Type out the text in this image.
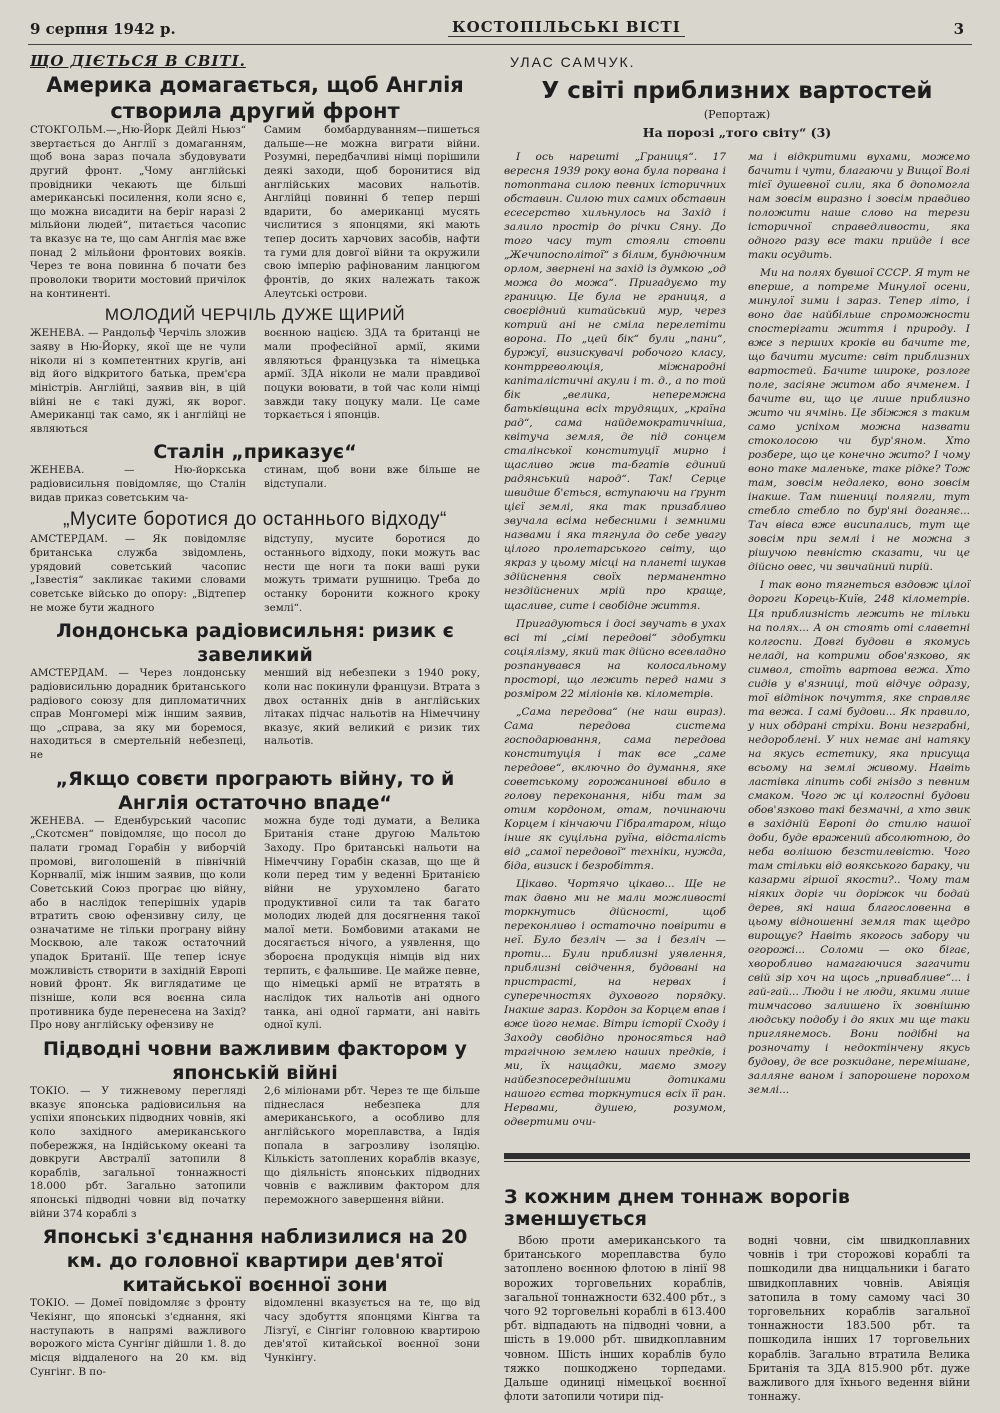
9 серпня 1942 р.	КОСТОПІЛЬСЬКІ ВІСТІ	3
ЩО ДІЄТЬСЯ В СВІТІ.
Америка домагається, щоб Англія створила другий фронт

СТОКГОЛЬМ.—„Ню-Йорк Дейлі Ньюз“ звертається до Англії з домаганням, щоб вона зараз почала збудовувати другий фронт. „Чому англійські провідники чекають ще більші американські посилення, коли ясно є, що можна висадити на беріг наразі 2 мільйони людей“, питається часопис та вказує на те, що сам Англія має вже понад 2 мільйони фронтових вояків. Через те вона повинна б почати без проволоки творити мостовий причілок на континенті.

Самим бомбардуванням—пишеться дальше—не можна виграти війни. Розумні, передбачливі німці порішили деякі заходи, щоб боронитися від англійських масових нальотів. Англійці повинні б тепер перші вдарити, бо американці мусять числитися з японцями, які мають тепер досить харчових засобів, нафти та гуми для довгої війни та окружили свою імперію рафінованим ланцюгом фронтів, до яких належать також Алеутські острови.

МОЛОДИЙ ЧЕРЧІЛЬ ДУЖЕ ЩИРИЙ

ЖЕНЕВА. — Рандольф Черчіль зложив заяву в Ню-Йорку, якої ще не чули ніколи ні з компетентних кругів, ані від його відкритого батька, прем'єра міністрів. Англійці, заявив він, в цій війні не є такі дужі, як ворог. Американці так само, як і англійці не являються

воєнною нацією. ЗДА та британці не мали професійної армії, якими являються французька та німецька армії. ЗДА ніколи не мали правдивої поцуки воювати, в той час коли німці завжди таку поцуку мали. Це саме торкається і японців.

Сталін „приказує“

ЖЕНЕВА. — Ню-йоркська радіовисильня повідомляє, що Сталін видав приказ советським ча-

стинам, щоб вони вже більше не відступали.

„Мусите боротися до останнього відходу“

АМСТЕРДАМ. — Як повідомляє британська служба звідомлень, урядовий советський часопис „Ізвестія“ закликає такими словами советське військо до опору: „Відтепер не може бути жадного

відступу, мусите боротися до останнього відходу, поки можуть вас нести ще ноги та поки ваші руки можуть тримати рушницю. Треба до останку боронити кожного кроку землі“.

Лондонська радіовисильня: ризик є завеликий

АМСТЕРДАМ. — Через лондонську радіовисильню дорадник британського радіового союзу для дипломатичних справ Монгомері між іншим заявив, що „справа, за яку ми боремося, находиться в смертельній небезпеці, не

менший від небезпеки з 1940 року, коли нас покинули французи. Втрата з двох останніх днів в англійських літаках підчас нальотів на Німеччину вказує, який великий є ризик тих нальотів.

„Якщо совєти програють війну, то й Англія остаточно впаде“

ЖЕНЕВА. — Еденбурський часопис „Скотсмен“ повідомляє, що посол до палати громад Горабін у виборчій промові, виголошеній в північній Корнвалії, між іншим заявив, що коли Советський Союз програє цю війну, або в наслідок теперішніх ударів втратить свою офензивну силу, це означатиме не тільки програну війну Москвою, але також остаточний упадок Британії. Ще тепер існує можливість створити в західній Европі новий фронт. Як виглядатиме це пізніше, коли вся воєнна сила противника буде перенесена на Захід? Про нову англійську офензиву не

можна буде тоді думати, а Велика Британія стане другою Мальтою Заходу. Про британські нальоти на Німеччину Горабін сказав, що ще й коли перед тим у веденні Британією війни не урухомлено багато продуктивної сили та так багато молодих людей для досягнення такої малої мети. Бомбовими атаками не досягається нічого, а уявлення, що збороєна продукція німців від них терпить, є фальшиве. Це майже певне, що німецькі армії не втратять в наслідок тих нальотів ані одного танка, ані одної гармати, ані навіть одної кулі.

Підводні човни важливим фактором у японській війні

ТОКІО. — У тижневому перегляді вказує японська радіовисильня на успіхи японських підводних човнів, які коло західного американського побережжя, на Індійському океані та довкруги Австралії затопили 8 кораблів, загальної тоннажності 18.000 рбт. Загально затопили японські підводні човни від початку війни 374 кораблі з

2,6 міліонами рбт. Через те ще більше піднеслася небезпека для американського, а особливо для англійського мореплавства, а Індія попала в загрозливу ізоляцію. Кількість затоплених кораблів вказує, що діяльність японських підводних човнів є важливим фактором для переможного завершення війни.

Японські з'єднання наблизилися на 20 км. до головної квартири дев'ятої китайської воєнної зони

ТОКІО. — Домеї повідомляє з фронту Чекіянг, що японські з'єднання, які наступають в напрямі важливого ворожого міста Сунгінг дійшли 1. 8. до місця віддаленого на 20 км. від Сунгінг. В по-

відомленні вказується на те, що від часу здобуття японцями Кінгва та Лізгуї, є Сінгінг головною квартирою дев'ятої китайської воєнної зони Чункінгу.

УЛАС САМЧУК.
У світі приблизних вартостей
(Репортаж)
На порозі „того світу“ (3)

І ось нарешті „Границя“. 17 вересня 1939 року вона була порвана і потоптана силою певних історичних обставин. Силою тих самих обставин есесерство хильнулось на Захід і залило простір до річки Сяну. До того часу тут стояли стовпи „Жечипосполітої“ з білим, бундючним орлом, звернені на захід із думкою „од можа до можа“. Пригадуємо ту границю. Це була не границя, а своєрідний китайський мур, через котрий ані не сміла перелетіти ворона. По „цей бік“ були „пани“, буржуї, визискувачі робочого класу, контрреволюція, міжнародні капіталістичні акули і т. д., а по той бік „велика, неперемжна батьківщина всіх трудящих, „країна рад“, сама найдемократичніша, квітуча земля, де під сонцем сталінської конституції мирно і щасливо жив та-бгатів єдиний радянський народ“. Так! Серце швидше б'ється, вступаючи на ґрунт цієї землі, яка так призабливо звучала всіма небесними і земними назвами і яка тягнула до себе увагу цілого пролетарського світу, що якраз у цьому місці на планеті шукав здійснення своїх перманентно нездійснених мрій про краще, щасливе, сите і свобідне життя.

Пригадуються і досі звучать в ухах всі ті „сімі передові“ здобутки соціялізму, який так дійсно всевладно розпанувався на колосальному просторі, що лежить перед нами з розміром 22 міліонів кв. кілометрів.

„Сама передова“ (не наш вираз). Сама передова система господарювання, сама передова конституція і так все „саме передове“, включно до думання, яке советському горожанинові вбило в голову переконання, ніби там за отим кордоном, отам, починаючи Корцем і кінчаючи Гібралтаром, ніщо інше як суцільна руїна, відсталість від „самої передової“ техніки, нужда, біда, визиск і безробіття.

Цікаво. Чортячо цікаво... Ще не так давно ми не мали можливості торкнутись дійсності, щоб переконливо і остаточно повірити в неї. Було безліч — за і безліч — проти... Були приблизні уявлення, приблизні свідчення, будовані на пристрасті, на нервах і суперечностях духового порядку. Інакше зараз. Кордон за Корцем впав і вже його немає. Вітри історії Сходу і Заходу свобідно проносяться над трагічною землею наших предків, і ми, їх нащадки, маємо змогу найбезпосереднішими дотиками нашого єства торкнутися всіх її ран. Нервами, душею, розумом, одвертими очи-

ма і відкритими вухами, можемо бачити і чути, благаючи у Вищої Волі тієї душевної сили, яка б допомогла нам зовсім виразно і зовсім правдиво положити наше слово на терези історичної справедливости, яка одного разу все таки прийде і все таки осудить.

Ми на полях бувшої СССР. Я тут не вперше, а потреме Минулої осени, минулої зими і зараз. Тепер літо, і воно дає найбільше спроможности спостерігати життя і природу. І вже з перших кроків ви бачите те, що бачити мусите: світ приблизних вартостей. Бачите широке, розлоге поле, засіяне житом або ячменем. І бачите ви, що це лише приблизно жито чи ячмінь. Це збіжжя з таким само успіхом можна назвати стоколосою чи бур'яном. Хто розбере, що це конечно жито? І чому воно таке маленьке, таке рідке? Тож там, зовсім недалеко, воно зовсім інакше. Там пшениці полягли, тут стебло стебло по бур'яні доганяє... Тач вівса вже висипались, тут ще зовсім при землі і не можна з рішучою певністю сказати, чи це дійсно овес, чи звичайний пирій.

І так воно тягнеться вздовж цілої дороги Корець-Київ, 248 кілометрів. Ця приблизність лежить не тільки на полях... А он стоять оті славетні колгоспи. Довгі будови в якомусь неладі, на котрими обов'язково, як символ, стоїть вартова вежа. Хто сидів у в'язниці, той відчує одразу, тої відтінок почуття, яке справляє та вежа. І самі будови... Як правило, у них обдрані стріхи. Вони незграбні, недороблені. У них немає ані натяку на якусь естетику, яка присуща всьому на землі живому. Навіть ластівка ліпить собі гніздо з певним смаком. Чого ж ці колгоспні будови обов'язково такі безмачні, а хто звик в західній Европі до стилю нашої доби, буде вражений абсолютною, до неба волішою безстилевістю. Чого там стільки від воякського бараку, чи казарми гіршої якости?.. Чому там ніяких доріг чи доріжок чи бодай дерев, які наша благословенна в цьому відношенні земля так щедро вирощує? Навіть якогось забору чи огорожі... Соломи — око бігає, хворобливо намагаючися загачити свій зір хоч на щось „привабливе“... і гай-гай... Люди і не люди, якими лише тимчасово залишено їх зовнішню людську подобу і до яких ми ще таки приглянемось. Вони подібні на розночату і недоктінчену якусь будову, де все розкидане, перемішане, залляне ваном і запорошене порохом землі...

З кожним днем тоннаж ворогів зменшується

Вбою проти американського та британського мореплавства було затоплено воєнною флотою в лінії 98 ворожих торговельних кораблів, загальної тоннажности 632.400 рбт., з чого 92 торговельні кораблі в 613.400 рбт. відпадають на підводні човни, а шість в 19.000 рбт. швидкоплавним човном. Шість інших кораблів було тяжко пошкоджено торпедами. Дальше одиниці німецької воєнної флоти затопили чотири під-

водні човни, сім швидкоплавних човнів і три сторожові кораблі та пошкодили два ниццальники і багато швидкоплавних човнів. Авіяція затопила в тому самому часі 30 торговельних кораблів загальної тоннажности 183.500 рбт. та пошкодила інших 17 торговельних кораблів. Загально втратила Велика Британія та ЗДА 815.900 рбт. дуже важливого для їхнього ведення війни тоннажу.
